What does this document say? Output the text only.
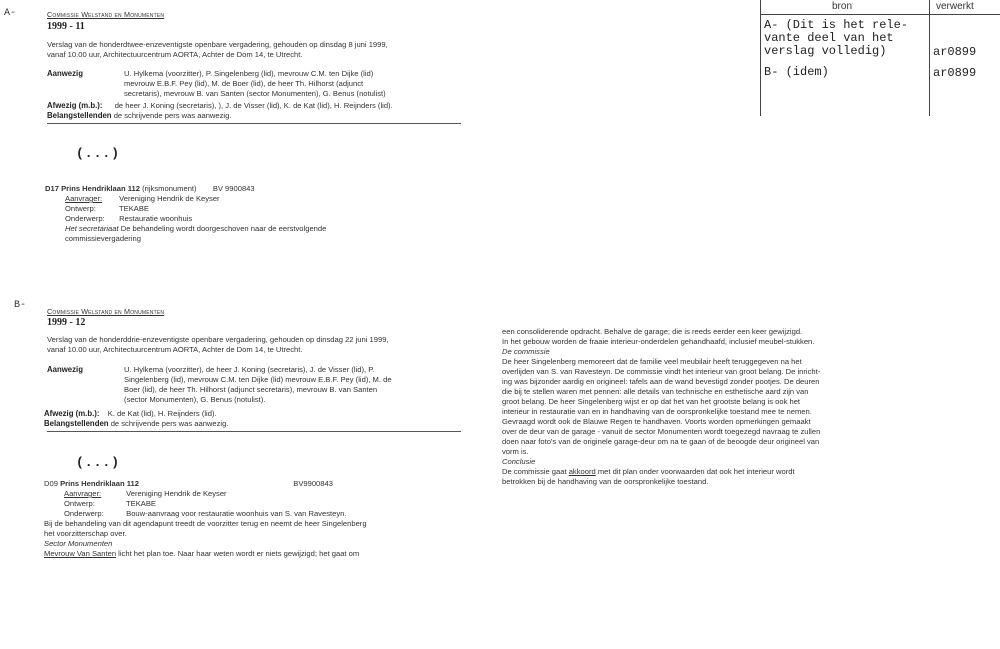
bron	verwerkt
A- (Dit is het rele-
vante deel van het
verslag volledig)	ar0899
B- (idem)	ar0899
A-	Commissie Welstand en Monumenten
1999 - 11
Verslag van de honderdtwee-enzeventigste openbare vergadering, gehouden op dinsdag 8 juni 1999,
vanaf 10.00 uur, Architectuurcentrum AORTA, Achter de Dom 14, te Utrecht.
Aanwezig	U. Hylkema (voorzitter), P. Singelenberg (lid), mevrouw C.M. ten Dijke (lid)
mevrouw E.B.F. Pey (lid), M. de Boer (lid), de heer Th. Hilhorst (adjunct
secretaris), mevrouw B. van Santen (sector Monumenten), G. Benus (notulist)
Afwezig (m.b.): de heer J. Koning (secretaris), ), J. de Visser (lid), K. de Kat (lid), H. Reijnders (lid).
Belangstellenden de schrijvende pers was aanwezig.
(...)
D17 Prins Hendriklaan 112 (rijksmonument) BV 9900843
Aanvrager: Vereniging Hendrik de Keyser
Ontwerp:	TEKABE
Onderwerp: Restauratie woonhuis
Het secretariaat De behandeling wordt doorgeschoven naar de eerstvolgende
commissievergadering
B-
Commissie Welstand en Monumenten
1999 - 12
Verslag van de honderddrie-enzeventigste openbare vergadering, gehouden op dinsdag 22 juni 1999,
vanaf 10.00 uur, Architectuurcentrum AORTA, Achter de Dom 14, te Utrecht.
Aanwezig	U. Hylkema (voorzitter), de heer J. Koning (secretaris), J. de Visser (lid), P.
Singelenberg (lid), mevrouw C.M. ten Dijke (lid) mevrouw E.B.F. Pey (lid), M. de
Boer (lid), de heer Th. Hilhorst (adjunct secretaris), mevrouw B. van Santen
(sector Monumenten), G. Benus (notulist).
Afwezig (m.b.): K. de Kat (lid), H. Reijnders (lid).
Belangstellenden de schrijvende pers was aanwezig.
(...)
D09 Prins Hendriklaan 112	BV9900843
Aanvrager:	Vereniging Hendrik de Keyser
Ontwerp:	TEKABE
Onderwerp:	Bouw-aanvraag voor restauratie woonhuis van S. van Ravesteyn.
Bij de behandeling van dit agendapunt treedt de voorzitter terug en neemt de heer Singelenberg
het voorzitterschap over.
Sector Monumenten
Mevrouw Van Santen licht het plan toe. Naar haar weten wordt er niets gewijzigd; het gaat om
een consoliderende opdracht. Behalve de garage; die is reeds eerder een keer gewijzigd.
In het gebouw worden de fraaie interieur-onderdelen gehandhaafd, inclusief meubel-stukken.
De commissie
De heer Singelenberg memoreert dat de familie veel meubilair heeft teruggegeven na het
overlijden van S. van Ravesteyn. De commissie vindt het interieur van groot belang. De inricht-
ing was bijzonder aardig en origineel: tafels aan de wand bevestigd zonder pootjes. De deuren
die bij te stellen waren met pennen: alle details van technische en esthetische aard zijn van
groot belang. De heer Singelenberg wijst er op dat het van het grootste belang is ook het
interieur in restauratie van en in handhaving van de oorspronkelijke toestand mee te nemen.
Gevraagd wordt ook de Blauwe Regen te handhaven. Voorts worden opmerkingen gemaakt
over de deur van de garage - vanuit de sector Monumenten wordt toegezegd navraag te zullen
doen naar foto's van de originele garage-deur om na te gaan of de beoogde deur origineel van
vorm is.
Conclusie
De commissie gaat akkoord met dit plan onder voorwaarden dat ook het interieur wordt
betrokken bij de handhaving van de oorspronkelijke toestand.
